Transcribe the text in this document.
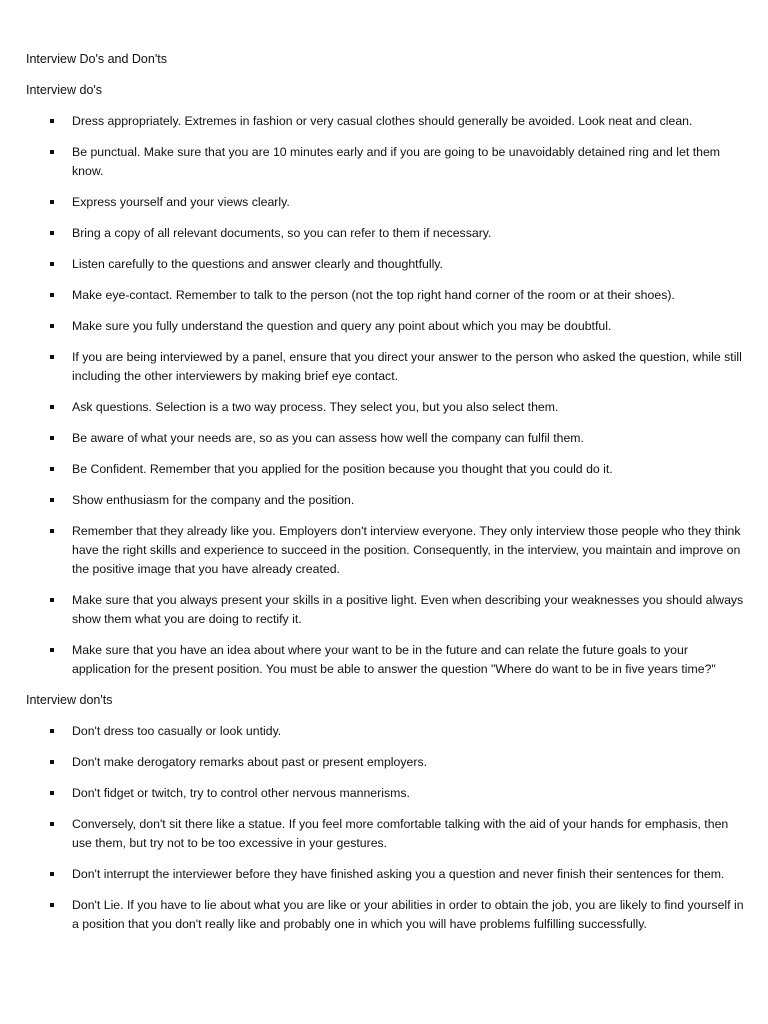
Interview Do's and Don'ts
Interview do's
Dress appropriately. Extremes in fashion or very casual clothes should generally be avoided. Look neat and clean.
Be punctual. Make sure that you are 10 minutes early and if you are going to be unavoidably detained ring and let them know.
Express yourself and your views clearly.
Bring a copy of all relevant documents, so you can refer to them if necessary.
Listen carefully to the questions and answer clearly and thoughtfully.
Make eye-contact. Remember to talk to the person (not the top right hand corner of the room or at their shoes).
Make sure you fully understand the question and query any point about which you may be doubtful.
If you are being interviewed by a panel, ensure that you direct your answer to the person who asked the question, while still including the other interviewers by making brief eye contact.
Ask questions. Selection is a two way process. They select you, but you also select them.
Be aware of what your needs are, so as you can assess how well the company can fulfil them.
Be Confident. Remember that you applied for the position because you thought that you could do it.
Show enthusiasm for the company and the position.
Remember that they already like you. Employers don't interview everyone. They only interview those people who they think have the right skills and experience to succeed in the position. Consequently, in the interview, you maintain and improve on the positive image that you have already created.
Make sure that you always present your skills in a positive light. Even when describing your weaknesses you should always show them what you are doing to rectify it.
Make sure that you have an idea about where your want to be in the future and can relate the future goals to your application for the present position. You must be able to answer the question "Where do want to be in five years time?"
Interview don'ts
Don't dress too casually or look untidy.
Don't make derogatory remarks about past or present employers.
Don't fidget or twitch, try to control other nervous mannerisms.
Conversely, don't sit there like a statue. If you feel more comfortable talking with the aid of your hands for emphasis, then use them, but try not to be too excessive in your gestures.
Don't interrupt the interviewer before they have finished asking you a question and never finish their sentences for them.
Don't Lie. If you have to lie about what you are like or your abilities in order to obtain the job, you are likely to find yourself in a position that you don't really like and probably one in which you will have problems fulfilling successfully.
